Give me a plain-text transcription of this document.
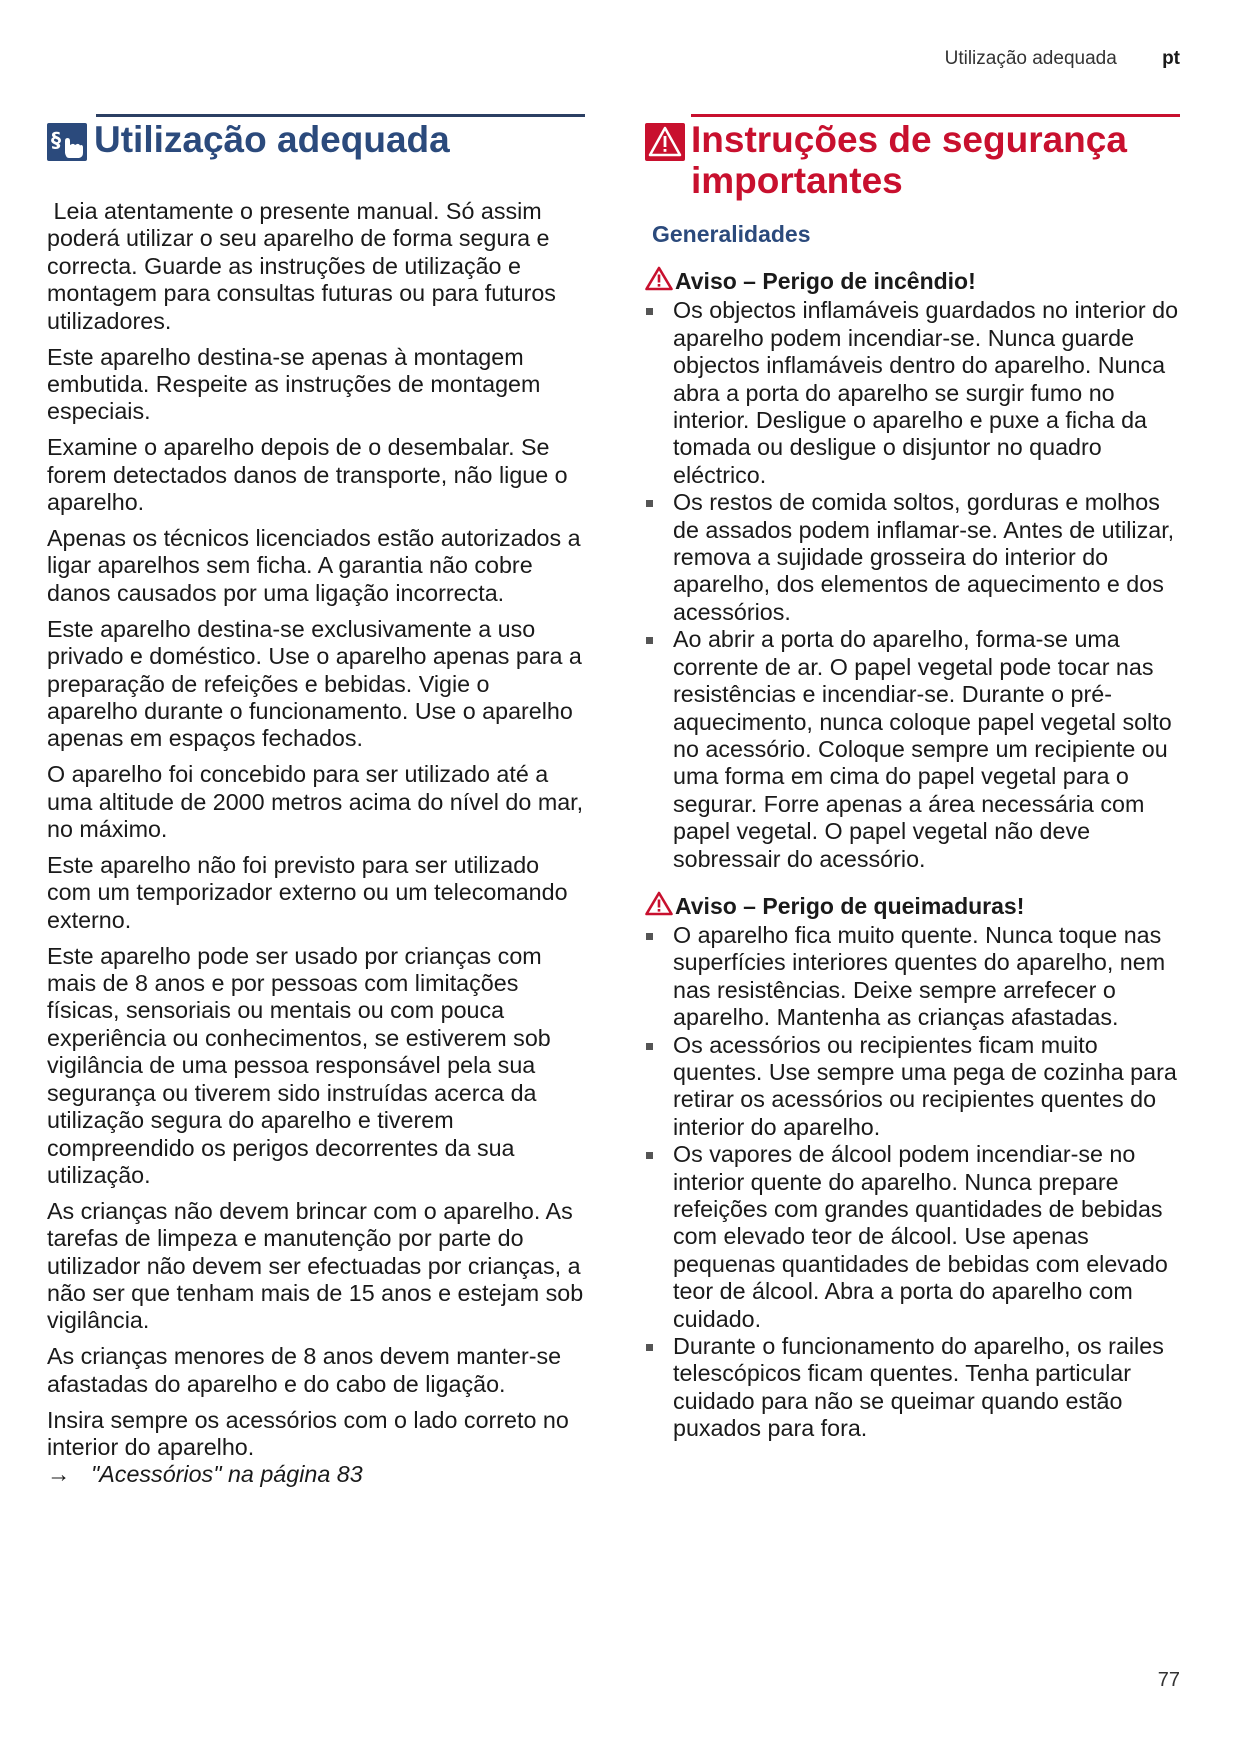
Utilização adequada pt
§ Utilização adequada

Leia atentamente o presente manual. Só assim poderá utilizar o seu aparelho de forma segura e correcta. Guarde as instruções de utilização e montagem para consultas futuras ou para futuros utilizadores.

Este aparelho destina-se apenas à montagem embutida. Respeite as instruções de montagem especiais.

Examine o aparelho depois de o desembalar. Se forem detectados danos de transporte, não ligue o aparelho.

Apenas os técnicos licenciados estão autorizados a ligar aparelhos sem ficha. A garantia não cobre danos causados por uma ligação incorrecta.

Este aparelho destina-se exclusivamente a uso privado e doméstico. Use o aparelho apenas para a preparação de refeições e bebidas. Vigie o aparelho durante o funcionamento. Use o aparelho apenas em espaços fechados.

O aparelho foi concebido para ser utilizado até a uma altitude de 2000 metros acima do nível do mar, no máximo.

Este aparelho não foi previsto para ser utilizado com um temporizador externo ou um telecomando externo.

Este aparelho pode ser usado por crianças com mais de 8 anos e por pessoas com limitações físicas, sensoriais ou mentais ou com pouca experiência ou conhecimentos, se estiverem sob vigilância de uma pessoa responsável pela sua segurança ou tiverem sido instruídas acerca da utilização segura do aparelho e tiverem compreendido os perigos decorrentes da sua utilização.

As crianças não devem brincar com o aparelho. As tarefas de limpeza e manutenção por parte do utilizador não devem ser efectuadas por crianças, a não ser que tenham mais de 15 anos e estejam sob vigilância.

As crianças menores de 8 anos devem manter-se afastadas do aparelho e do cabo de ligação.

Insira sempre os acessórios com o lado correto no interior do aparelho.

→ "Acessórios" na página 83
Instruções de segurança importantes
Generalidades
Aviso – Perigo de incêndio!
Os objectos inflamáveis guardados no interior do aparelho podem incendiar-se. Nunca guarde objectos inflamáveis dentro do aparelho. Nunca abra a porta do aparelho se surgir fumo no interior. Desligue o aparelho e puxe a ficha da tomada ou desligue o disjuntor no quadro eléctrico.
Os restos de comida soltos, gorduras e molhos de assados podem inflamar-se. Antes de utilizar, remova a sujidade grosseira do interior do aparelho, dos elementos de aquecimento e dos acessórios.
Ao abrir a porta do aparelho, forma-se uma corrente de ar. O papel vegetal pode tocar nas resistências e incendiar-se. Durante o pré-aquecimento, nunca coloque papel vegetal solto no acessório. Coloque sempre um recipiente ou uma forma em cima do papel vegetal para o segurar. Forre apenas a área necessária com papel vegetal. O papel vegetal não deve sobressair do acessório.
Aviso – Perigo de queimaduras!
O aparelho fica muito quente. Nunca toque nas superfícies interiores quentes do aparelho, nem nas resistências. Deixe sempre arrefecer o aparelho. Mantenha as crianças afastadas.
Os acessórios ou recipientes ficam muito quentes. Use sempre uma pega de cozinha para retirar os acessórios ou recipientes quentes do interior do aparelho.
Os vapores de álcool podem incendiar-se no interior quente do aparelho. Nunca prepare refeições com grandes quantidades de bebidas com elevado teor de álcool. Use apenas pequenas quantidades de bebidas com elevado teor de álcool. Abra a porta do aparelho com cuidado.
Durante o funcionamento do aparelho, os railes telescópicos ficam quentes. Tenha particular cuidado para não se queimar quando estão puxados para fora.
77
